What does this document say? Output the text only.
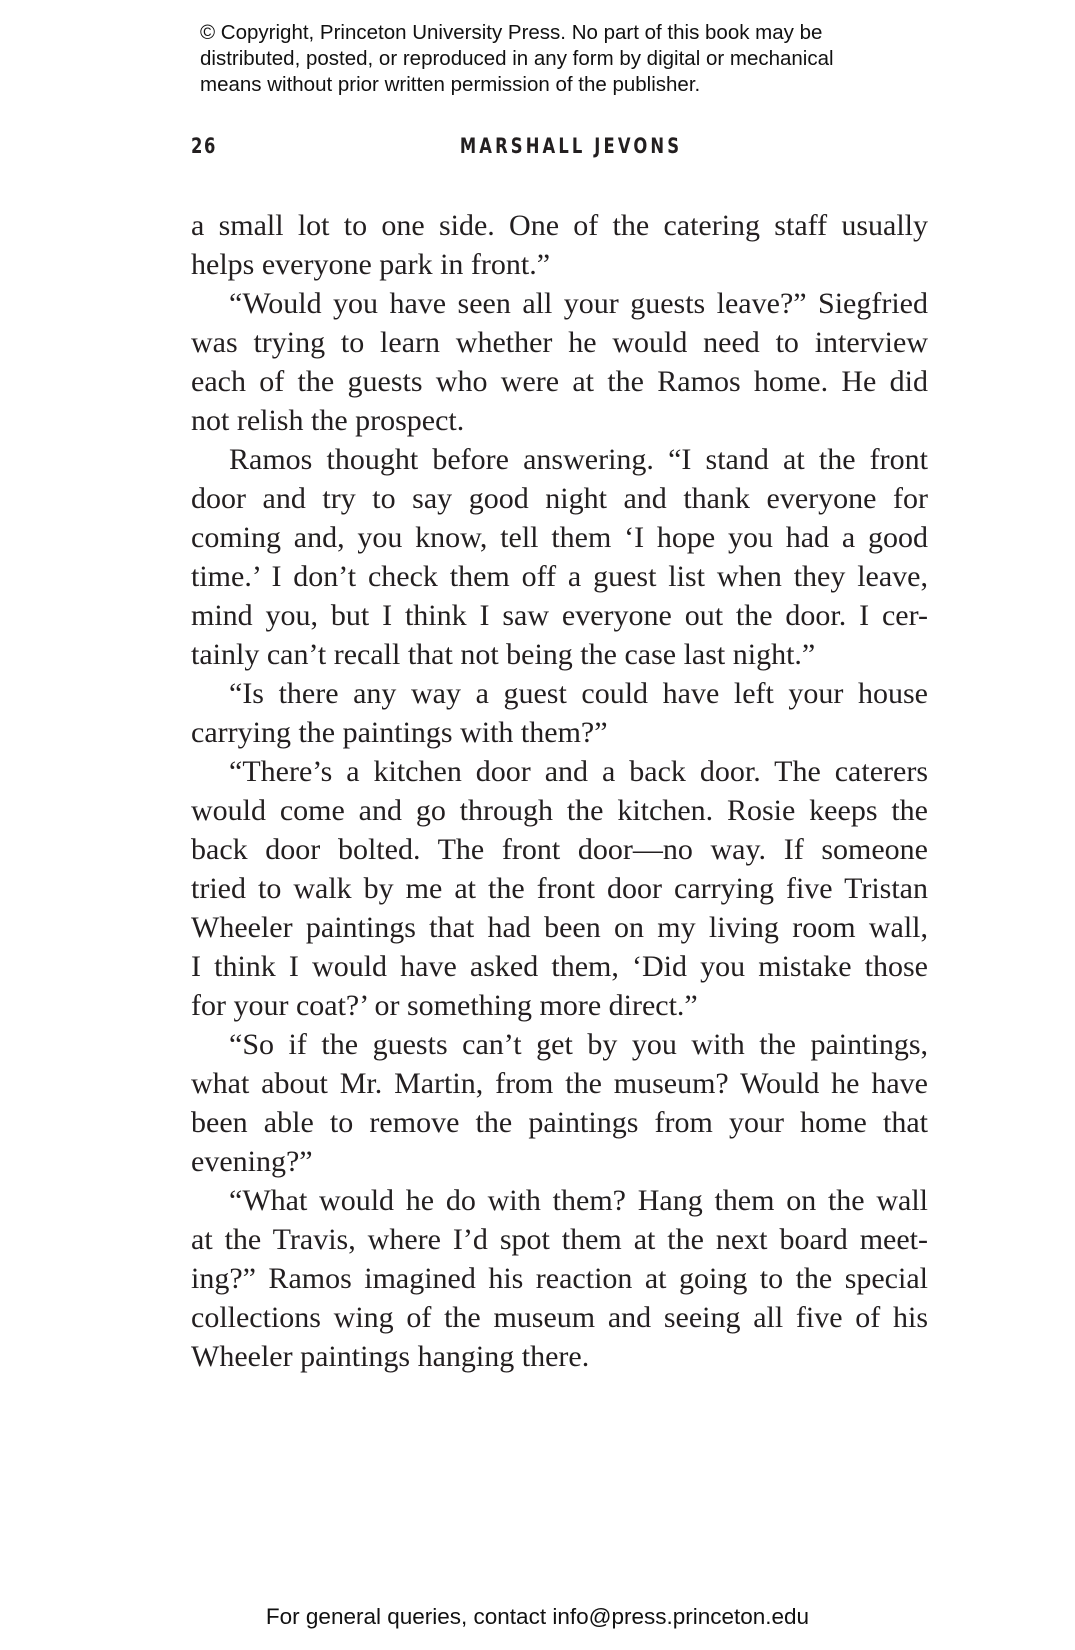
© Copyright, Princeton University Press. No part of this book may be
distributed, posted, or reproduced in any form by digital or mechanical
means without prior written permission of the publisher.
26	MARSHALL JEVONS
a small lot to one side. One of the catering staff usually
helps everyone park in front.”
“Would you have seen all your guests leave?” Siegfried
was trying to learn whether he would need to interview
each of the guests who were at the Ramos home. He did
not relish the prospect.
Ramos thought before answering. “I stand at the front
door and try to say good night and thank everyone for
coming and, you know, tell them ‘I hope you had a good
time.’ I don’t check them off a guest list when they leave,
mind you, but I think I saw everyone out the door. I cer-
tainly can’t recall that not being the case last night.”
“Is there any way a guest could have left your house
carrying the paintings with them?”
“There’s a kitchen door and a back door. The caterers
would come and go through the kitchen. Rosie keeps the
back door bolted. The front door—no way. If someone
tried to walk by me at the front door carrying five Tristan
Wheeler paintings that had been on my living room wall,
I think I would have asked them, ‘Did you mistake those
for your coat?’ or something more direct.”
“So if the guests can’t get by you with the paintings,
what about Mr. Martin, from the museum? Would he have
been able to remove the paintings from your home that
evening?”
“What would he do with them? Hang them on the wall
at the Travis, where I’d spot them at the next board meet-
ing?” Ramos imagined his reaction at going to the special
collections wing of the museum and seeing all five of his
Wheeler paintings hanging there.
For general queries, contact info@press.princeton.edu
